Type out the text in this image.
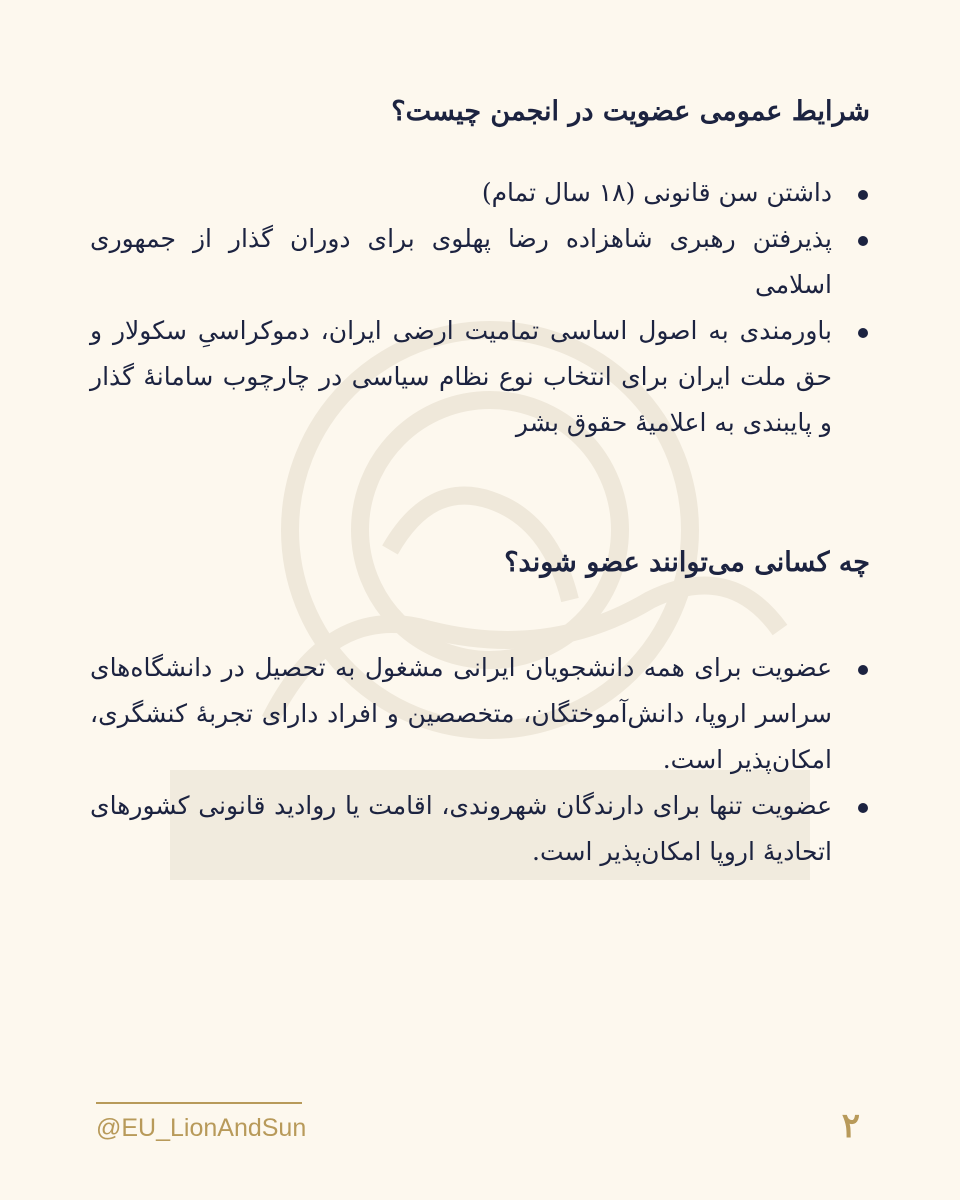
شرایط عمومی عضویت در انجمن چیست؟
داشتن سن قانونی (۱۸ سال تمام)
پذیرفتن رهبری شاهزاده رضا پهلوی برای دوران گذار از جمهوری اسلامی
باورمندی به اصول اساسی تمامیت ارضی ایران، دموکراسیِ سکولار و حق ملت ایران برای انتخاب نوع نظام سیاسی در چارچوب سامانهٔ گذار و پایبندی به اعلامیهٔ حقوق بشر
چه کسانی می‌توانند عضو شوند؟
عضویت برای همه دانشجویان ایرانی مشغول به تحصیل در دانشگاه‌های سراسر اروپا، دانش‌آموختگان، متخصصین و افراد دارای تجربهٔ کنشگری، امکان‌پذیر است.
عضویت تنها برای دارندگان شهروندی، اقامت یا روادید قانونی کشورهای اتحادیهٔ اروپا امکان‌پذیر است.
@EU_LionAndSun	۲
